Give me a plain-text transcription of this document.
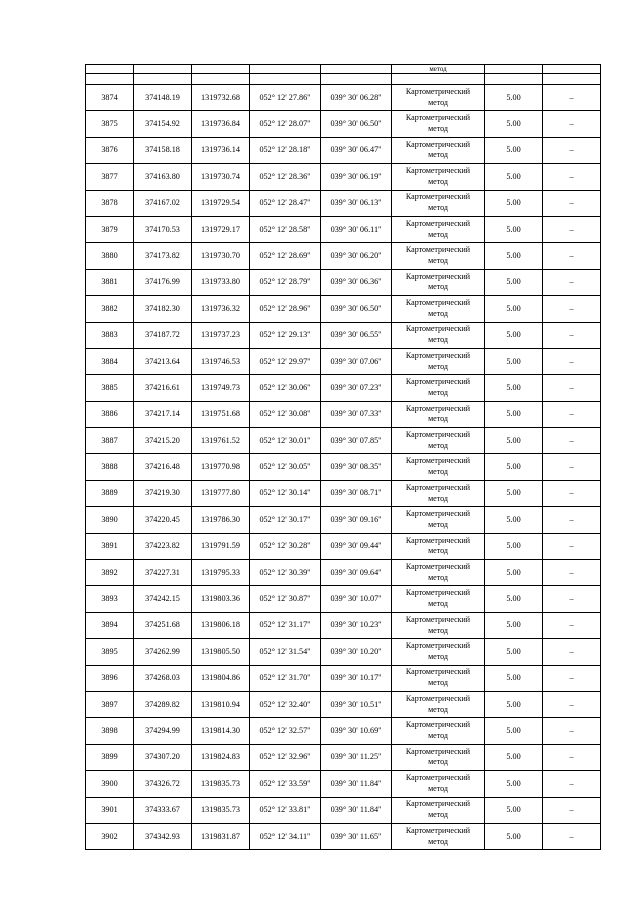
					метод		

3874	374148.19	1319732.68	052° 12' 27.86"	039° 30' 06.28"	Картометрический
метод	5.00	–
3875	374154.92	1319736.84	052° 12' 28.07"	039° 30' 06.50"	Картометрический
метод	5.00	–
3876	374158.18	1319736.14	052° 12' 28.18"	039° 30' 06.47"	Картометрический
метод	5.00	–
3877	374163.80	1319730.74	052° 12' 28.36"	039° 30' 06.19"	Картометрический
метод	5.00	–
3878	374167.02	1319729.54	052° 12' 28.47"	039° 30' 06.13"	Картометрический
метод	5.00	–
3879	374170.53	1319729.17	052° 12' 28.58"	039° 30' 06.11"	Картометрический
метод	5.00	–
3880	374173.82	1319730.70	052° 12' 28.69"	039° 30' 06.20"	Картометрический
метод	5.00	–
3881	374176.99	1319733.80	052° 12' 28.79"	039° 30' 06.36"	Картометрический
метод	5.00	–
3882	374182.30	1319736.32	052° 12' 28.96"	039° 30' 06.50"	Картометрический
метод	5.00	–
3883	374187.72	1319737.23	052° 12' 29.13"	039° 30' 06.55"	Картометрический
метод	5.00	–
3884	374213.64	1319746.53	052° 12' 29.97"	039° 30' 07.06"	Картометрический
метод	5.00	–
3885	374216.61	1319749.73	052° 12' 30.06"	039° 30' 07.23"	Картометрический
метод	5.00	–
3886	374217.14	1319751.68	052° 12' 30.08"	039° 30' 07.33"	Картометрический
метод	5.00	–
3887	374215.20	1319761.52	052° 12' 30.01"	039° 30' 07.85"	Картометрический
метод	5.00	–
3888	374216.48	1319770.98	052° 12' 30.05"	039° 30' 08.35"	Картометрический
метод	5.00	–
3889	374219.30	1319777.80	052° 12' 30.14"	039° 30' 08.71"	Картометрический
метод	5.00	–
3890	374220.45	1319786.30	052° 12' 30.17"	039° 30' 09.16"	Картометрический
метод	5.00	–
3891	374223.82	1319791.59	052° 12' 30.28"	039° 30' 09.44"	Картометрический
метод	5.00	–
3892	374227.31	1319795.33	052° 12' 30.39"	039° 30' 09.64"	Картометрический
метод	5.00	–
3893	374242.15	1319803.36	052° 12' 30.87"	039° 30' 10.07"	Картометрический
метод	5.00	–
3894	374251.68	1319806.18	052° 12' 31.17"	039° 30' 10.23"	Картометрический
метод	5.00	–
3895	374262.99	1319805.50	052° 12' 31.54"	039° 30' 10.20"	Картометрический
метод	5.00	–
3896	374268.03	1319804.86	052° 12' 31.70"	039° 30' 10.17"	Картометрический
метод	5.00	–
3897	374289.82	1319810.94	052° 12' 32.40"	039° 30' 10.51"	Картометрический
метод	5.00	–
3898	374294.99	1319814.30	052° 12' 32.57"	039° 30' 10.69"	Картометрический
метод	5.00	–
3899	374307.20	1319824.83	052° 12' 32.96"	039° 30' 11.25"	Картометрический
метод	5.00	–
3900	374326.72	1319835.73	052° 12' 33.59"	039° 30' 11.84"	Картометрический
метод	5.00	–
3901	374333.67	1319835.73	052° 12' 33.81"	039° 30' 11.84"	Картометрический
метод	5.00	–
3902	374342.93	1319831.87	052° 12' 34.11"	039° 30' 11.65"	Картометрический
метод	5.00	–
